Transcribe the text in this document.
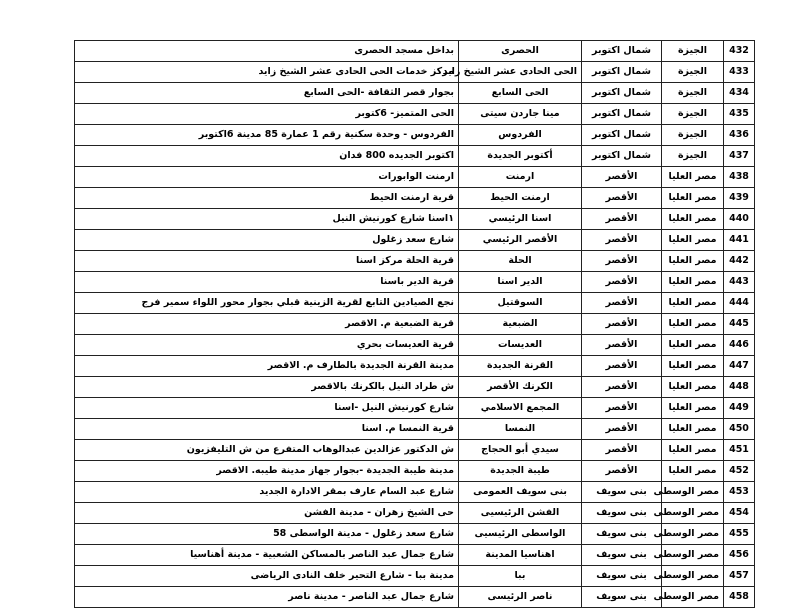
432	الجيزة	شمال اكتوبر	الحصرى	بداخل مسجد الحصرى
433	الجيزة	شمال اكتوبر	الحى الحادى عشر الشيخ زايد	مركز خدمات الحى الحادى عشر الشيخ زايد
434	الجيزة	شمال اكتوبر	الحى السابع	بجوار قصر الثقافة -الحى السابع
435	الجيزة	شمال اكتوبر	مينا جاردن سيتى	الحى المتميز- 6كتوبر
436	الجيزة	شمال اكتوبر	الفردوس	الفردوس - وحدة سكنية رقم 1 عمارة 85 مدينة 6اكتوبر
437	الجيزة	شمال اكتوبر	أكتوبر الجديدة	اكتوبر الجديده 800 فدان
438	مصر العليا	الأقصر	ارمنت	ارمنت الوابورات
439	مصر العليا	الأقصر	ارمنت الحيط	قرية ارمنت الحيط
440	مصر العليا	الأقصر	اسنا الرئيسي	١اسنا شارع كورنيش النيل
441	مصر العليا	الأقصر	الأقصر الرئيسي	شارع سعد زغلول
442	مصر العليا	الأقصر	الحلة	قرية الحلة مركز اسنا
443	مصر العليا	الأقصر	الدير اسنا	قرية الدير باسنا
444	مصر العليا	الأقصر	السوقتيل	نجع الصيادين التابع لقرية الزينية قبلي بجوار محور اللواء سمير فرج
445	مصر العليا	الأقصر	الضبعية	قرية الضبعية م. الاقصر
446	مصر العليا	الأقصر	العديسات	قرية العديسات بحري
447	مصر العليا	الأقصر	القرنة الجديدة	مدينة القرنة الجديدة بالطارف م. الاقصر
448	مصر العليا	الأقصر	الكرنك الأقصر	ش طراد النيل بالكرنك بالاقصر
449	مصر العليا	الأقصر	المجمع الاسلامي	شارع كورنيش النيل -اسنا
450	مصر العليا	الأقصر	النمسا	قرية النمسا م. اسنا
451	مصر العليا	الأقصر	سيدي أبو الحجاج	ش الدكتور عزالدين عبدالوهاب المتفرع من ش التليفزيون
452	مصر العليا	الأقصر	طيبة الجديدة	مدينة طيبة الجديدة -بجوار جهاز مدينة طيبه. الاقصر
453	مصر الوسطى	بنى سويف	بنى سويف العمومى	شارع عبد السام عارف بمقر الادارة الجديد
454	مصر الوسطى	بنى سويف	الفشن الرئيسيى	حى الشيخ زهران - مدينة الفشن
455	مصر الوسطى	بنى سويف	الواسطى الرئيسيى	شارع سعد زغلول - مدينة الواسطى 58
456	مصر الوسطى	بنى سويف	اهناسيا المدينة	شارع جمال عبد الناصر بالمساكن الشعبية - مدينة أهناسيا
457	مصر الوسطى	بنى سويف	ببا	مدينة ببا - شارع التحير خلف النادى الرياضى
458	مصر الوسطى	بنى سويف	ناصر الرئيسى	شارع جمال عبد الناصر - مدينة ناصر
